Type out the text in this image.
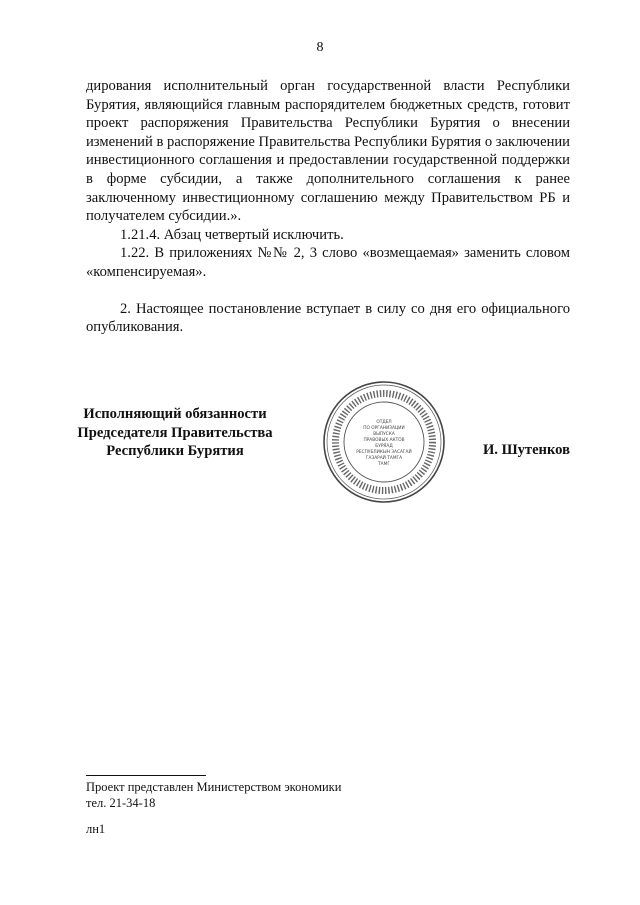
8

дирования исполнительный орган государственной власти Республики Бурятия, являющийся главным распорядителем бюджетных средств, готовит проект распоряжения Правительства Республики Бурятия о внесении изменений в распоряжение Правительства Республики Бурятия о заключении инвестиционного соглашения и предоставлении государственной поддержки в форме субсидии, а также дополнительного соглашения к ранее заключенному инвестиционному соглашению между Правительством РБ и получателем субсидии.».

1.21.4. Абзац четвертый исключить.

1.22. В приложениях №№ 2, 3 слово «возмещаемая» заменить словом «компенсируемая».

2. Настоящее постановление вступает в силу со дня его официального опубликования.

Исполняющий обязанности
Председателя Правительства
Республики Бурятия
ОТДЕЛ
ПО ОРГАНИЗАЦИИ
ВЫПУСКА
ПРАВОВЫХ АКТОВ
БУРЯАД
РЕСПУБЛИКЫН ЗАСАГАЙ
ГАЗАРАЙ ТАМГА
ТАМГ
И. Шутенков
Проект представлен Министерством экономики
тел. 21-34-18
лн1
